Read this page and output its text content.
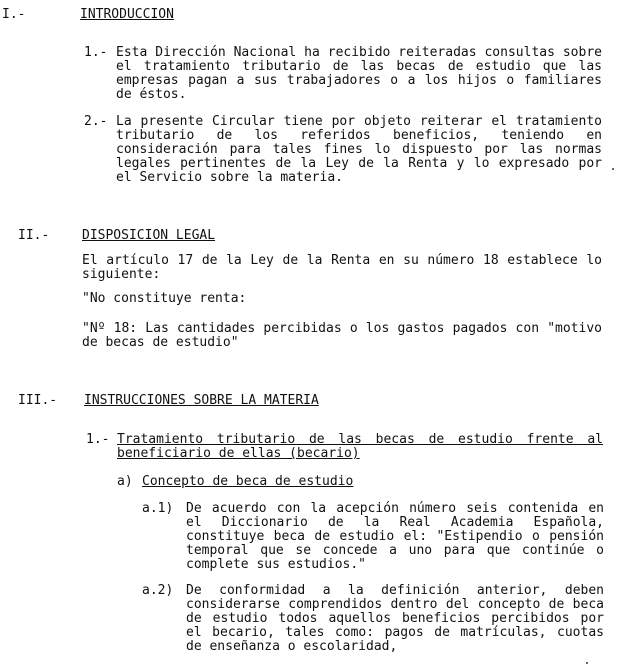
I.-	INTRODUCCION
1.- Esta Dirección Nacional ha recibido reiteradas consultas sobre el tratamiento tributario de las becas de estudio que las empresas pagan a sus trabajadores o a los hijos o familiares de éstos.
2.- La presente Circular tiene por objeto reiterar el tratamiento tributario de los referidos beneficios, teniendo en consideración para tales fines lo dispuesto por las normas legales pertinentes de la Ley de la Renta y lo expresado por el Servicio sobre la materia.
II.-	DISPOSICION LEGAL
El artículo 17 de la Ley de la Renta en su número 18 establece lo siguiente:
"No constituye renta:
"Nº 18: Las cantidades percibidas o los gastos pagados con "motivo de becas de estudio"
III.- INSTRUCCIONES SOBRE LA MATERIA
1.- Tratamiento tributario de las becas de estudio frente al beneficiario de ellas (becario)
a) Concepto de beca de estudio
a.1) De acuerdo con la acepción número seis contenida en el Diccionario de la Real Academia Española, constituye beca de estudio el: "Estipendio o pensión temporal que se concede a uno para que continúe o complete sus estudios."
a.2) De conformidad a la definición anterior, deben considerarse comprendidos dentro del concepto de beca de estudio todos aquellos beneficios percibidos por el becario, tales como: pagos de matrículas, cuotas de enseñanza o escolaridad,
